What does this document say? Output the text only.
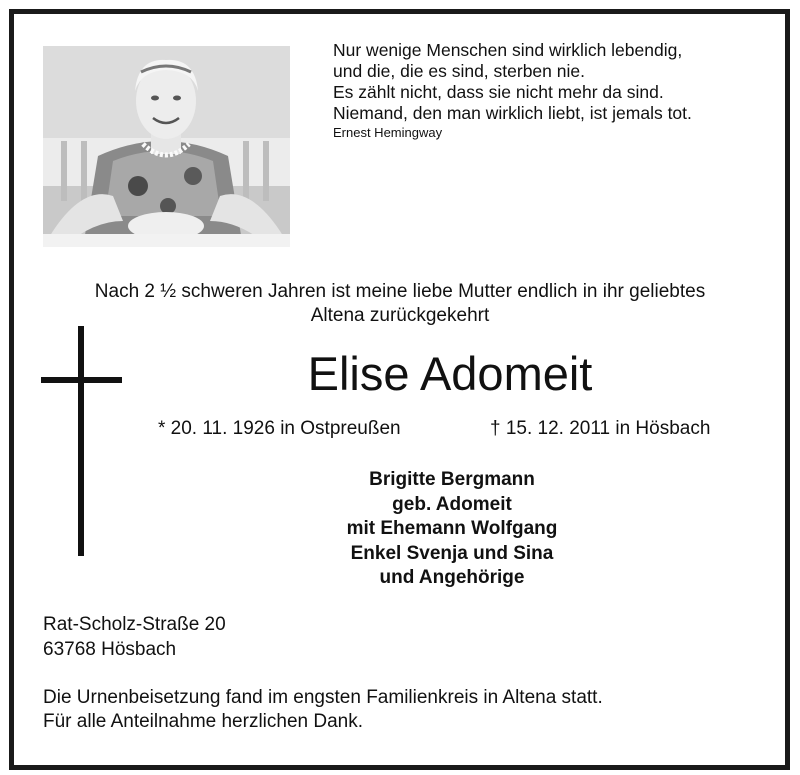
Nur wenige Menschen sind wirklich lebendig,
und die, die es sind, sterben nie.
Es zählt nicht, dass sie nicht mehr da sind.
Niemand, den man wirklich liebt, ist jemals tot.
Ernest Hemingway
Nach 2 ½ schweren Jahren ist meine liebe Mutter endlich in ihr geliebtes
Altena zurückgekehrt
Elise Adomeit
* 20. 11. 1926 in Ostpreußen	† 15. 12. 2011 in Hösbach
Brigitte Bergmann
geb. Adomeit
mit Ehemann Wolfgang
Enkel Svenja und Sina
und Angehörige
Rat-Scholz-Straße 20
63768 Hösbach
Die Urnenbeisetzung fand im engsten Familienkreis in Altena statt.
Für alle Anteilnahme herzlichen Dank.
